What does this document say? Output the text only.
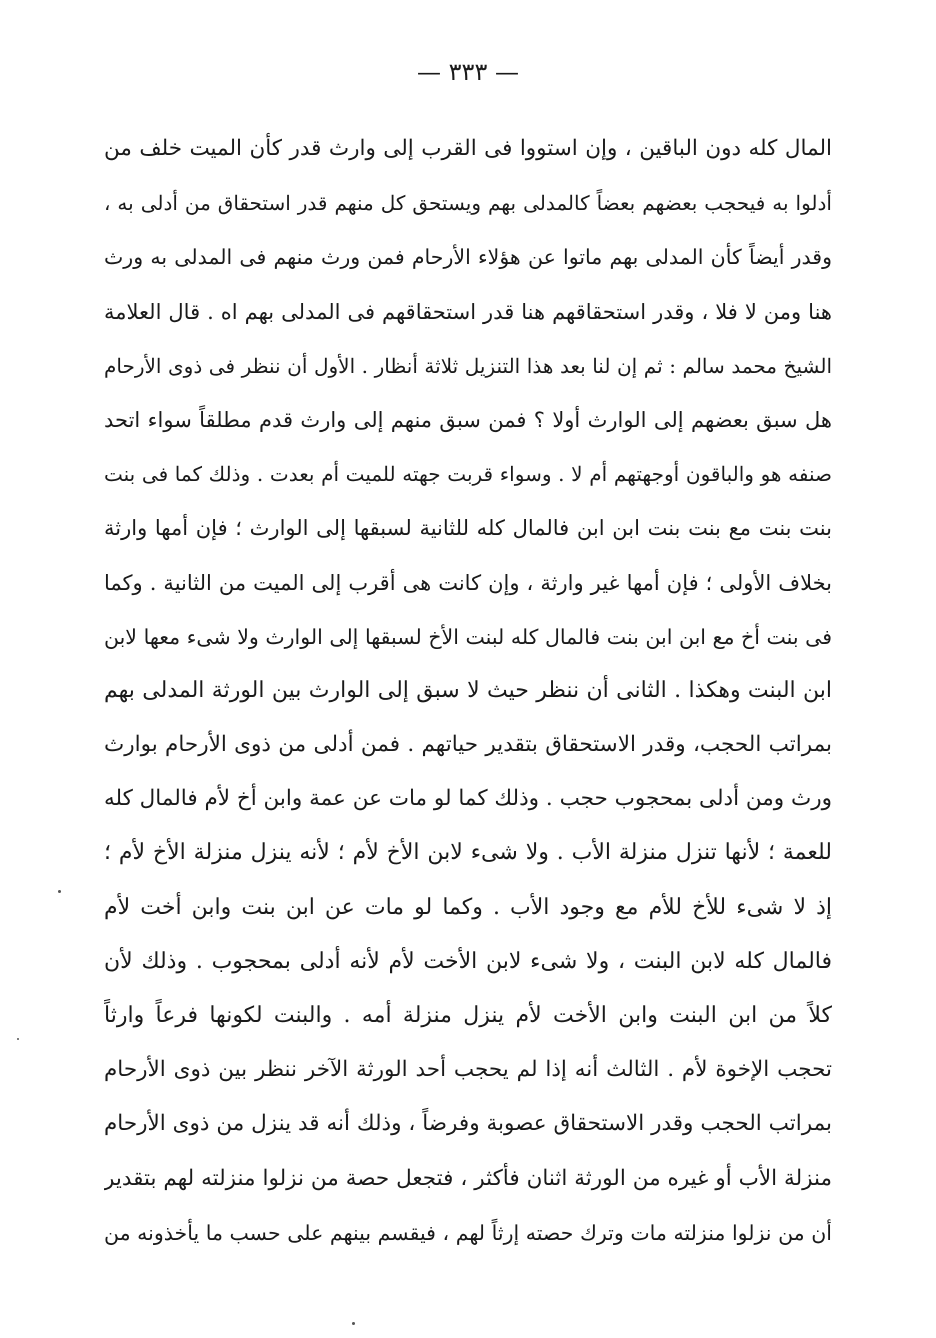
— ٣٣٣ —
المال كله دون الباقين ، وإن استووا فى القرب إلى وارث قدر كأن الميت خلف من
أدلوا به فيحجب بعضهم بعضاً كالمدلى بهم ويستحق كل منهم قدر استحقاق من أدلى به ،
وقدر أيضاً كأن المدلى بهم ماتوا عن هؤلاء الأرحام فمن ورث منهم فى المدلى به ورث
هنا ومن لا فلا ، وقدر استحقاقهم هنا قدر استحقاقهم فى المدلى بهم اه . قال العلامة
الشيخ محمد سالم : ثم إن لنا بعد هذا التنزيل ثلاثة أنظار . الأول أن ننظر فى ذوى الأرحام
هل سبق بعضهم إلى الوارث أولا ؟ فمن سبق منهم إلى وارث قدم مطلقاً سواء اتحد
صنفه هو والباقون أوجهتهم أم لا . وسواء قربت جهته للميت أم بعدت . وذلك كما فى بنت
بنت بنت مع بنت بنت ابن ابن فالمال كله للثانية لسبقها إلى الوارث ؛ فإن أمها وارثة
بخلاف الأولى ؛ فإن أمها غير وارثة ، وإن كانت هى أقرب إلى الميت من الثانية . وكما
فى بنت أخ مع ابن ابن بنت فالمال كله لبنت الأخ لسبقها إلى الوارث ولا شىء معها لابن
ابن البنت وهكذا . الثانى أن ننظر حيث لا سبق إلى الوارث بين الورثة المدلى بهم
بمراتب الحجب، وقدر الاستحقاق بتقدير حياتهم . فمن أدلى من ذوى الأرحام بوارث
ورث ومن أدلى بمحجوب حجب . وذلك كما لو مات عن عمة وابن أخ لأم فالمال كله
للعمة ؛ لأنها تنزل منزلة الأب . ولا شىء لابن الأخ لأم ؛ لأنه ينزل منزلة الأخ لأم ؛
إذ لا شىء للأخ للأم مع وجود الأب . وكما لو مات عن ابن بنت وابن أخت لأم
فالمال كله لابن البنت ، ولا شىء لابن الأخت لأم لأنه أدلى بمحجوب . وذلك لأن
كلاً من ابن البنت وابن الأخت لأم ينزل منزلة أمه . والبنت لكونها فرعاً وارثاً
تحجب الإخوة لأم . الثالث أنه إذا لم يحجب أحد الورثة الآخر ننظر بين ذوى الأرحام
بمراتب الحجب وقدر الاستحقاق عصوبة وفرضاً ، وذلك أنه قد ينزل من ذوى الأرحام
منزلة الأب أو غيره من الورثة اثنان فأكثر ، فتجعل حصة من نزلوا منزلته لهم بتقدير
أن من نزلوا منزلته مات وترك حصته إرثاً لهم ، فيقسم بينهم على حسب ما يأخذونه من
